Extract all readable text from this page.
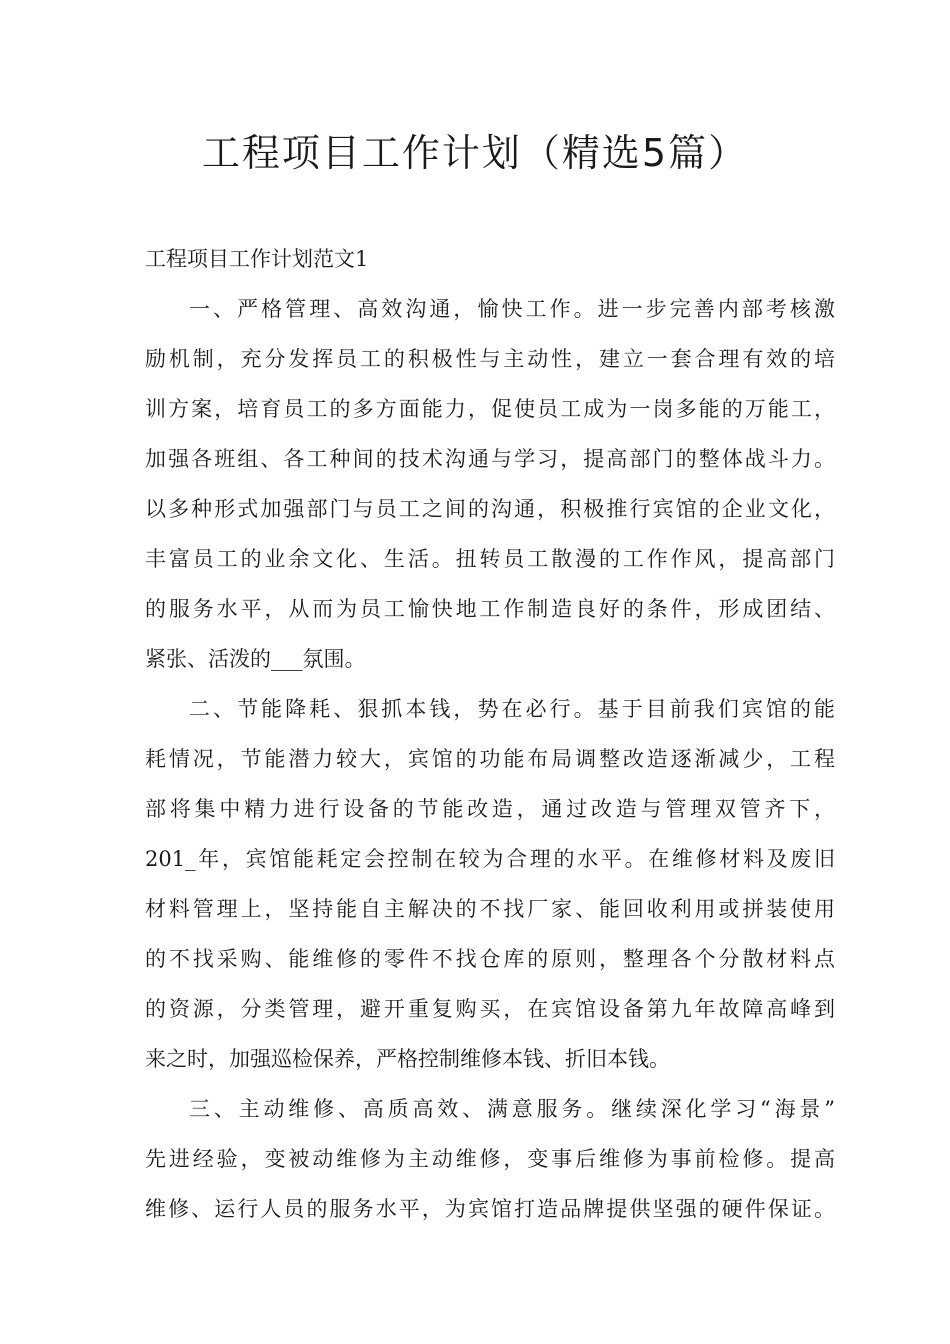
工程项目工作计划（精选5篇）

工程项目工作计划范文1

一、严格管理、高效沟通，愉快工作。进一步完善内部考核激
励机制，充分发挥员工的积极性与主动性，建立一套合理有效的培
训方案，培育员工的多方面能力，促使员工成为一岗多能的万能工，
加强各班组、各工种间的技术沟通与学习，提高部门的整体战斗力。
以多种形式加强部门与员工之间的沟通，积极推行宾馆的企业文化，
丰富员工的业余文化、生活。扭转员工散漫的工作作风，提高部门
的服务水平，从而为员工愉快地工作制造良好的条件，形成团结、
紧张、活泼的___氛围。
二、节能降耗、狠抓本钱，势在必行。基于目前我们宾馆的能
耗情况，节能潜力较大，宾馆的功能布局调整改造逐渐减少，工程
部将集中精力进行设备的节能改造，通过改造与管理双管齐下，
201_年，宾馆能耗定会控制在较为合理的水平。在维修材料及废旧
材料管理上，坚持能自主解决的不找厂家、能回收利用或拼装使用
的不找采购、能维修的零件不找仓库的原则，整理各个分散材料点
的资源，分类管理，避开重复购买，在宾馆设备第九年故障高峰到
来之时，加强巡检保养，严格控制维修本钱、折旧本钱。
三、主动维修、高质高效、满意服务。继续深化学习“海景”
先进经验，变被动维修为主动维修，变事后维修为事前检修。提高
维修、运行人员的服务水平，为宾馆打造品牌提供坚强的硬件保证。
